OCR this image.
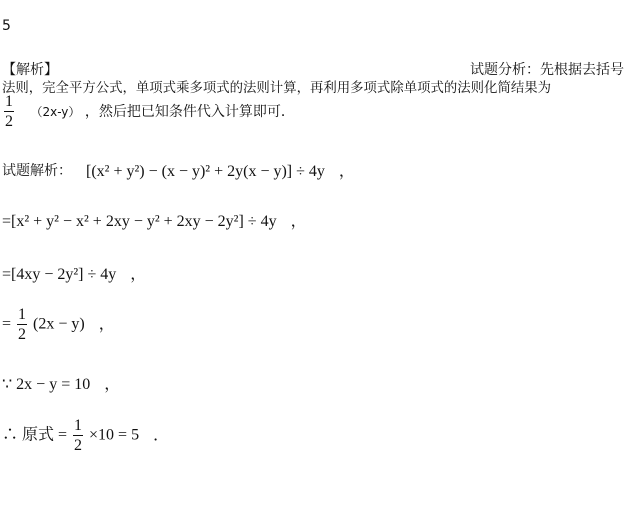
5
【解析】	试题分析：先根据去括号
法则，完全平方公式，单项式乘多项式的法则计算，再利用多项式除单项式的法则化简结果为
$\frac{1}{2} (2x-y)$ ，然后把已知条件代入计算即可．
试题解析： [(x² + y²) − (x − y)² + 2y(x − y)] ÷ 4y ，
=[x² + y² − x² + 2xy − y² + 2xy − 2y²] ÷ 4y ，
=[4xy − 2y²] ÷ 4y ，
= $\frac{1}{2} (2x - y)$ ，
∵ 2x − y = 10 ，
∴ 原式 = $\frac{1}{2} \times 10 = 5$ ．
